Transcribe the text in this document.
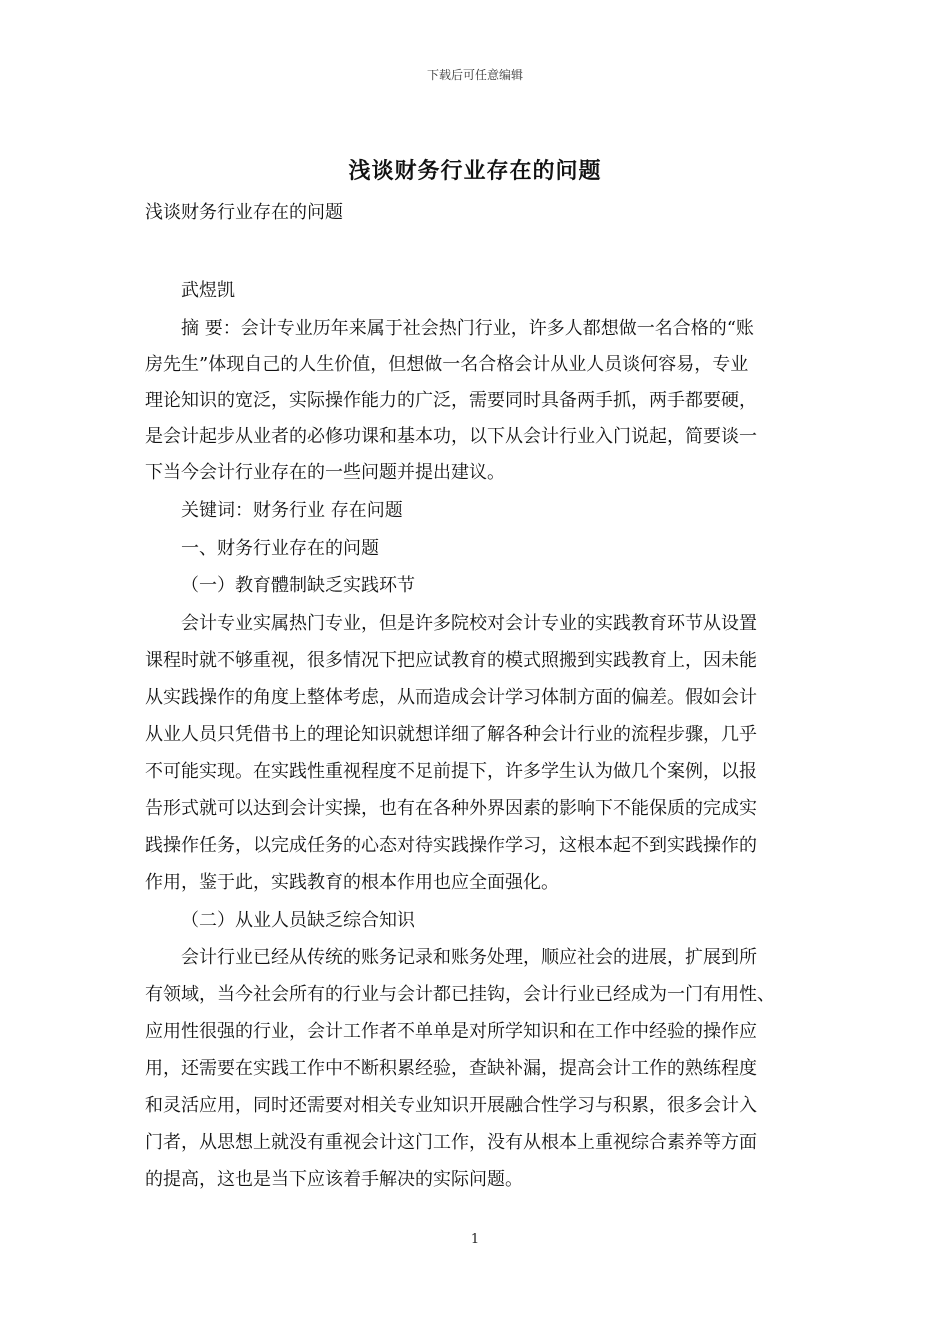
下载后可任意编辑
浅谈财务行业存在的问题
浅谈财务行业存在的问题
武煜凯
摘 要：会计专业历年来属于社会热门行业，许多人都想做一名合格的“账
房先生”体现自己的人生价值，但想做一名合格会计从业人员谈何容易，专业
理论知识的宽泛，实际操作能力的广泛，需要同时具备两手抓，两手都要硬，
是会计起步从业者的必修功课和基本功，以下从会计行业入门说起，简要谈一
下当今会计行业存在的一些问题并提出建议。
关键词：财务行业 存在问题
一、财务行业存在的问题
（一）教育體制缺乏实践环节
会计专业实属热门专业，但是许多院校对会计专业的实践教育环节从设置
课程时就不够重视，很多情况下把应试教育的模式照搬到实践教育上，因未能
从实践操作的角度上整体考虑，从而造成会计学习体制方面的偏差。假如会计
从业人员只凭借书上的理论知识就想详细了解各种会计行业的流程步骤，几乎
不可能实现。在实践性重视程度不足前提下，许多学生认为做几个案例，以报
告形式就可以达到会计实操，也有在各种外界因素的影响下不能保质的完成实
践操作任务，以完成任务的心态对待实践操作学习，这根本起不到实践操作的
作用，鉴于此，实践教育的根本作用也应全面强化。
（二）从业人员缺乏综合知识
会计行业已经从传统的账务记录和账务处理，顺应社会的进展，扩展到所
有领域，当今社会所有的行业与会计都已挂钩，会计行业已经成为一门有用性、
应用性很强的行业，会计工作者不单单是对所学知识和在工作中经验的操作应
用，还需要在实践工作中不断积累经验，查缺补漏，提高会计工作的熟练程度
和灵活应用，同时还需要对相关专业知识开展融合性学习与积累，很多会计入
门者，从思想上就没有重视会计这门工作，没有从根本上重视综合素养等方面
的提高，这也是当下应该着手解决的实际问题。
1
